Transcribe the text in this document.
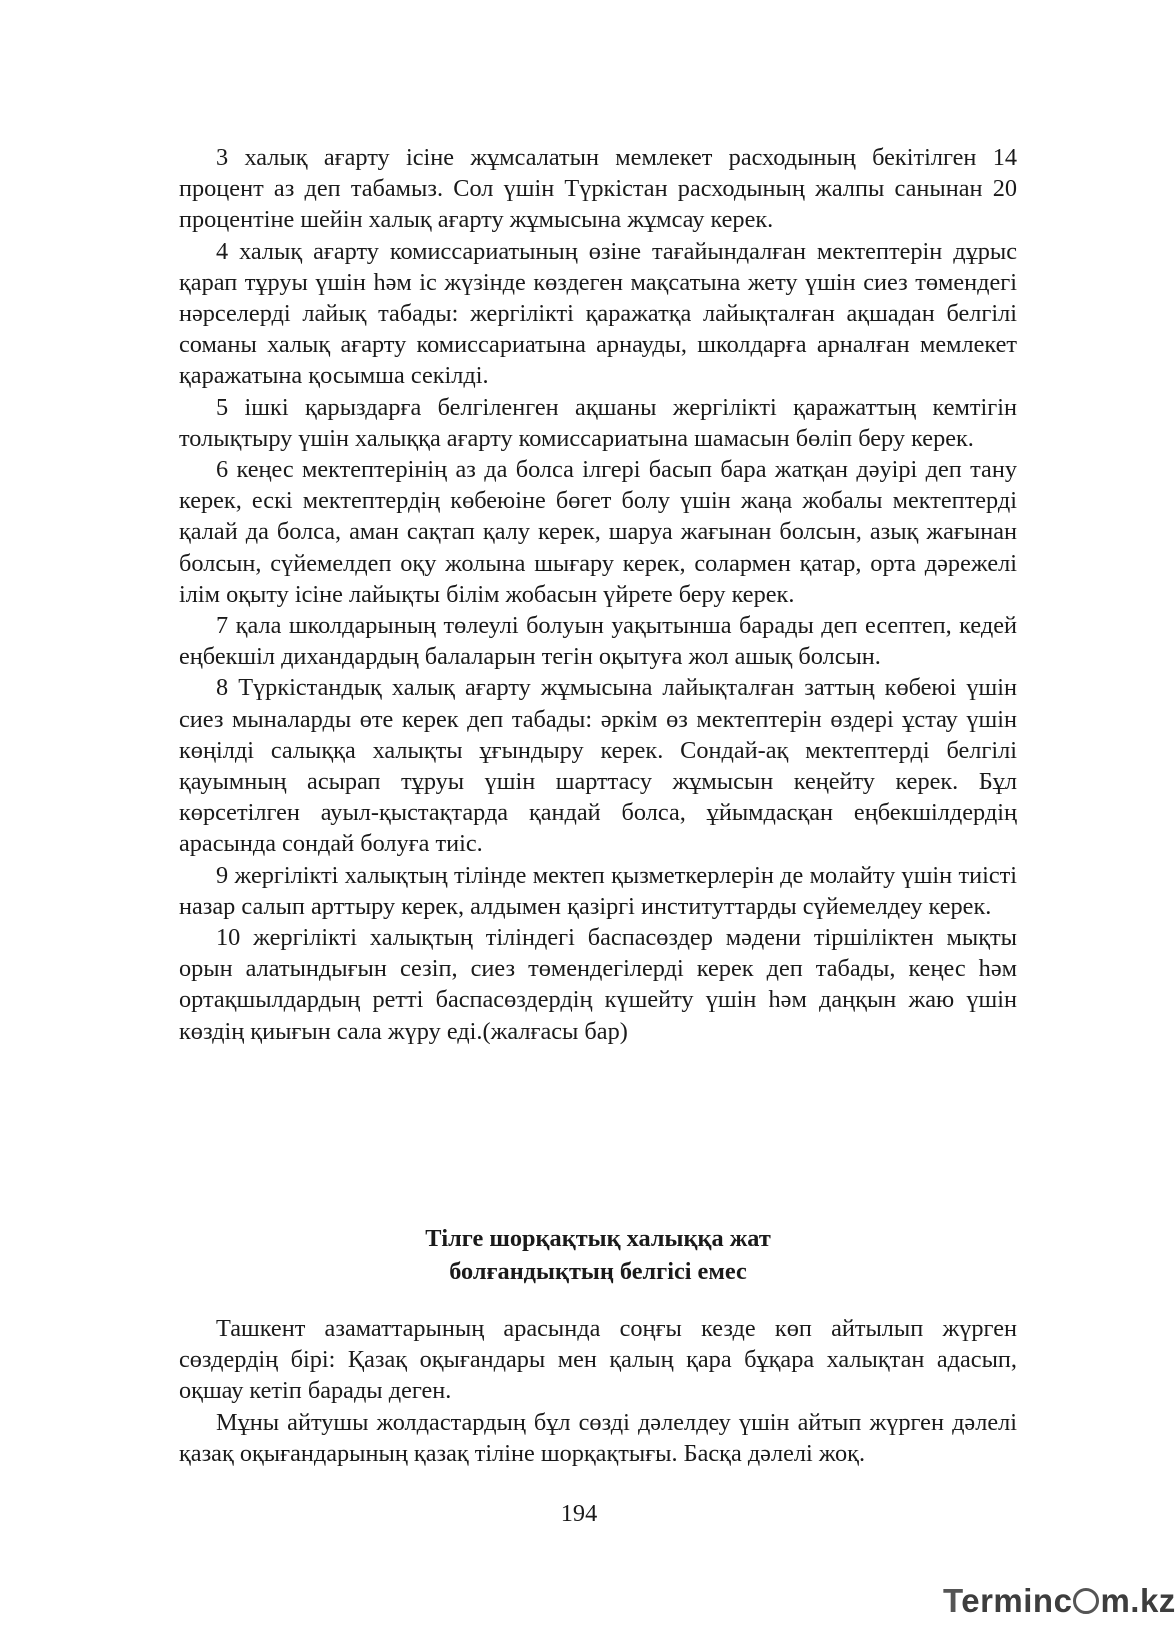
3 халық ағарту ісіне жұмсалатын мемлекет расходының бекітілген 14 процент аз деп табамыз. Сол үшін Түркістан расходының жалпы санынан 20 процентіне шейін халық ағарту жұмысына жұмсау керек.

4 халық ағарту комиссариатының өзіне тағайындалған мектептерін дұрыс қарап тұруы үшін һәм іс жүзінде көздеген мақсатына жету үшін сиез төмендегі нәрселерді лайық табады: жергілікті қаражатқа лайықталған ақшадан белгілі соманы халық ағарту комиссариатына арнауды, школдарға арналған мемлекет қаражатына қосымша секілді.

5 ішкі қарыздарға белгіленген ақшаны жергілікті қаражаттың кемтігін толықтыру үшін халыққа ағарту комиссариатына шамасын бөліп беру керек.

6 кеңес мектептерінің аз да болса ілгері басып бара жатқан дәуірі деп тану керек, ескі мектептердің көбеюіне бөгет болу үшін жаңа жобалы мектептерді қалай да болса, аман сақтап қалу керек, шаруа жағынан болсын, азық жағынан болсын, сүйемелдеп оқу жолына шығару керек, солармен қатар, орта дәрежелі ілім оқыту ісіне лайықты білім жобасын үйрете беру керек.

7 қала школдарының төлеулі болуын уақытынша барады деп есептеп, кедей еңбекшіл дихандардың балаларын тегін оқытуға жол ашық болсын.

8 Түркістандық халық ағарту жұмысына лайықталған заттың көбеюі үшін сиез мыналарды өте керек деп табады: әркім өз мектептерін өздері ұстау үшін көңілді салыққа халықты ұғындыру керек. Сондай-ақ мектептерді белгілі қауымның асырап тұруы үшін шарттасу жұмысын кеңейту керек. Бұл көрсетілген ауыл-қыстақтарда қандай болса, ұйымдасқан еңбекшілдердің арасында сондай болуға тиіс.

9 жергілікті халықтың тілінде мектеп қызметкерлерін де молайту үшін тиісті назар салып арттыру керек, алдымен қазіргі институттарды сүйемелдеу керек.

10 жергілікті халықтың тіліндегі баспасөздер мәдени тіршіліктен мықты орын алатындығын сезіп, сиез төмендегілерді керек деп табады, кеңес һәм ортақшылдардың ретті баспасөздердің күшейту үшін һәм даңқын жаю үшін көздің қиығын сала жүру еді.(жалғасы бар)

Тілге шорқақтық халыққа жат
болғандықтың белгісі емес

Ташкент азаматтарының арасында соңғы кезде көп айтылып жүрген сөздердің бірі: Қазақ оқығандары мен қалың қара бұқара халықтан адасып, оқшау кетіп барады деген.

Мұны айтушы жолдастардың бұл сөзді дәлелдеу үшін айтып жүрген дәлелі қазақ оқығандарының қазақ тіліне шорқақтығы. Басқа дәлелі жоқ.

194
Terminc m.kz
